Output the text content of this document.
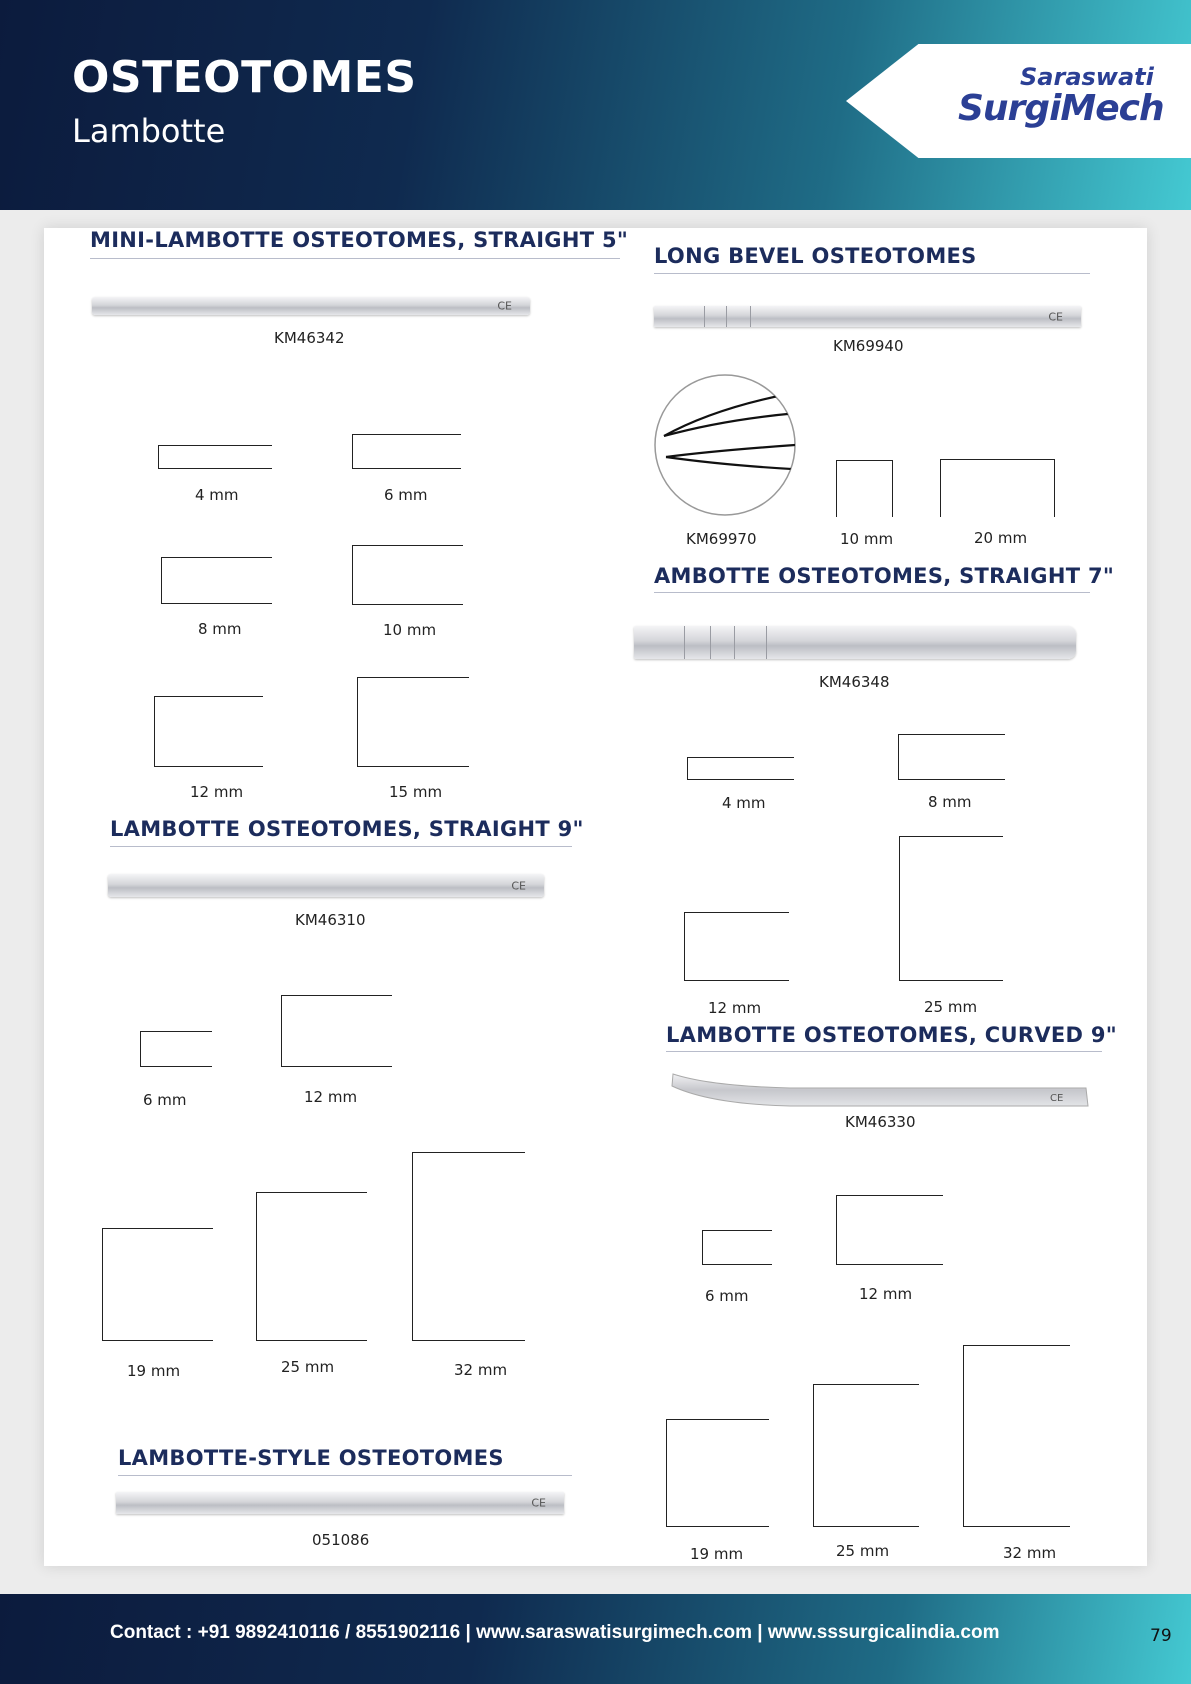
OSTEOTOMES
Lambotte
Saraswati
SurgiMech
MINI-LAMBOTTE OSTEOTOMES, STRAIGHT 5"
CE
KM46342
4 mm	6 mm
8 mm	10 mm
12 mm	15 mm
LONG BEVEL OSTEOTOMES
CE
KM69940
KM69970	10 mm	20 mm
AMBOTTE OSTEOTOMES, STRAIGHT 7"
KM46348
4 mm	8 mm
12 mm	25 mm
LAMBOTTE OSTEOTOMES, STRAIGHT 9"
CE
KM46310
6 mm	12 mm
19 mm	25 mm	32 mm
LAMBOTTE OSTEOTOMES, CURVED 9"
CE
KM46330
6 mm	12 mm
19 mm	25 mm	32 mm
LAMBOTTE-STYLE OSTEOTOMES
CE
051086
Contact : +91 9892410116 / 8551902116 | www.saraswatisurgimech.com | www.sssurgicalindia.com	79
